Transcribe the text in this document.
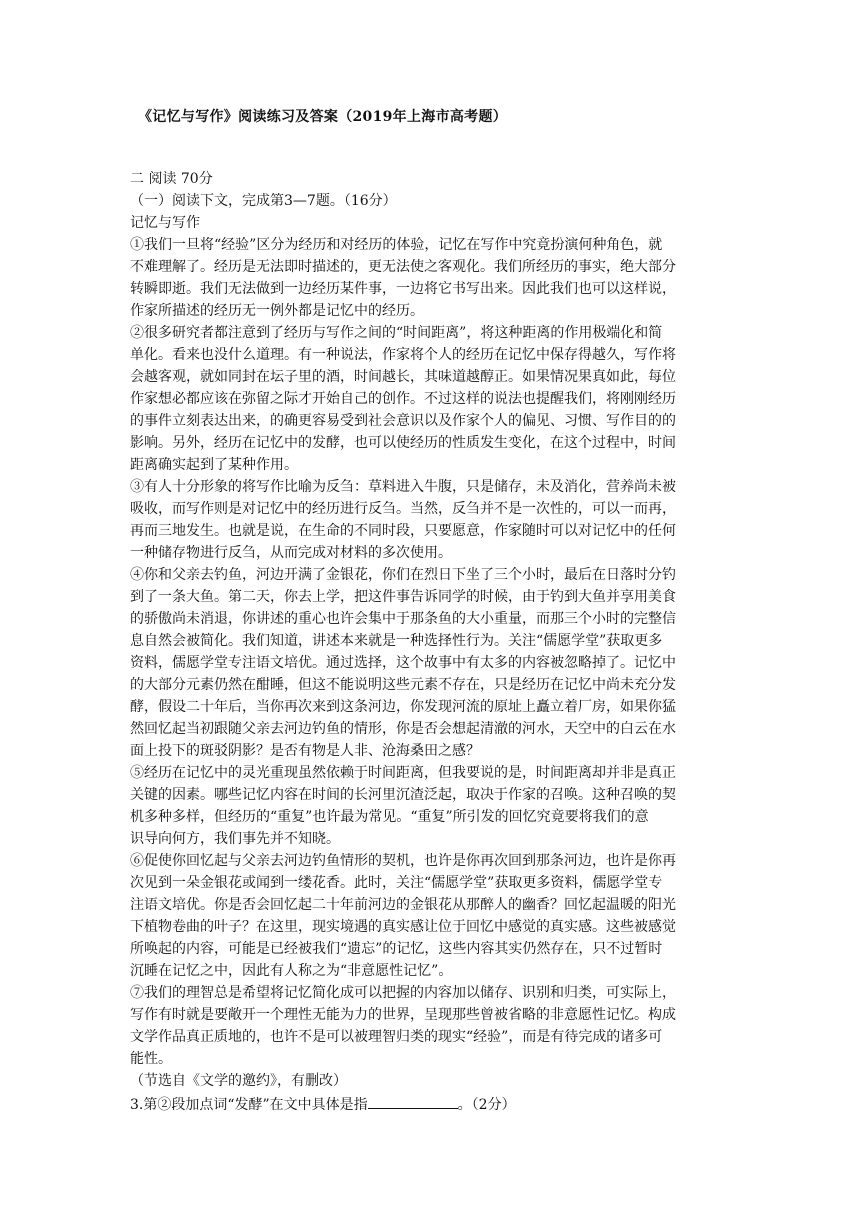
《记忆与写作》阅读练习及答案（2019年上海市高考题）
二 阅读 70分
（一）阅读下文，完成第3—7题。（16分）
记忆与写作
①我们一旦将“经验”区分为经历和对经历的体验，记忆在写作中究竟扮演何种角色，就
不难理解了。经历是无法即时描述的，更无法使之客观化。我们所经历的事实，绝大部分
转瞬即逝。我们无法做到一边经历某件事，一边将它书写出来。因此我们也可以这样说，
作家所描述的经历无一例外都是记忆中的经历。
②很多研究者都注意到了经历与写作之间的“时间距离”，将这种距离的作用极端化和简
单化。看来也没什么道理。有一种说法，作家将个人的经历在记忆中保存得越久，写作将
会越客观，就如同封在坛子里的酒，时间越长，其味道越醇正。如果情况果真如此，每位
作家想必都应该在弥留之际才开始自己的创作。不过这样的说法也提醒我们，将刚刚经历
的事件立刻表达出来，的确更容易受到社会意识以及作家个人的偏见、习惯、写作目的的
影响。另外，经历在记忆中的发酵，也可以使经历的性质发生变化，在这个过程中，时间
距离确实起到了某种作用。
③有人十分形象的将写作比喻为反刍：草料进入牛腹，只是储存，未及消化，营养尚未被
吸收，而写作则是对记忆中的经历进行反刍。当然，反刍并不是一次性的，可以一而再，
再而三地发生。也就是说，在生命的不同时段，只要愿意，作家随时可以对记忆中的任何
一种储存物进行反刍，从而完成对材料的多次使用。
④你和父亲去钓鱼，河边开满了金银花，你们在烈日下坐了三个小时，最后在日落时分钓
到了一条大鱼。第二天，你去上学，把这件事告诉同学的时候，由于钓到大鱼并享用美食
的骄傲尚未消退，你讲述的重心也许会集中于那条鱼的大小重量，而那三个小时的完整信
息自然会被简化。我们知道，讲述本来就是一种选择性行为。关注“儒愿学堂”获取更多
资料，儒愿学堂专注语文培优。通过选择，这个故事中有太多的内容被忽略掉了。记忆中
的大部分元素仍然在酣睡，但这不能说明这些元素不存在，只是经历在记忆中尚未充分发
酵，假设二十年后，当你再次来到这条河边，你发现河流的原址上矗立着厂房，如果你猛
然回忆起当初跟随父亲去河边钓鱼的情形，你是否会想起清澈的河水，天空中的白云在水
面上投下的斑驳阴影？是否有物是人非、沧海桑田之感？
⑤经历在记忆中的灵光重现虽然依赖于时间距离，但我要说的是，时间距离却并非是真正
关键的因素。哪些记忆内容在时间的长河里沉渣泛起，取决于作家的召唤。这种召唤的契
机多种多样，但经历的“重复”也许最为常见。“重复”所引发的回忆究竟要将我们的意
识导向何方，我们事先并不知晓。
⑥促使你回忆起与父亲去河边钓鱼情形的契机，也许是你再次回到那条河边，也许是你再
次见到一朵金银花或闻到一缕花香。此时，关注“儒愿学堂”获取更多资料，儒愿学堂专
注语文培优。你是否会回忆起二十年前河边的金银花从那醉人的幽香？回忆起温暖的阳光
下植物卷曲的叶子？在这里，现实境遇的真实感让位于回忆中感觉的真实感。这些被感觉
所唤起的内容，可能是已经被我们“遗忘”的记忆，这些内容其实仍然存在，只不过暂时
沉睡在记忆之中，因此有人称之为“非意愿性记忆”。
⑦我们的理智总是希望将记忆简化成可以把握的内容加以储存、识别和归类，可实际上，
写作有时就是要敞开一个理性无能为力的世界，呈现那些曾被省略的非意愿性记忆。构成
文学作品真正质地的，也许不是可以被理智归类的现实“经验”，而是有待完成的诸多可
能性。
（节选自《文学的邀约》，有删改）
3.第②段加点词“发酵”在文中具体是指	。（2分）
